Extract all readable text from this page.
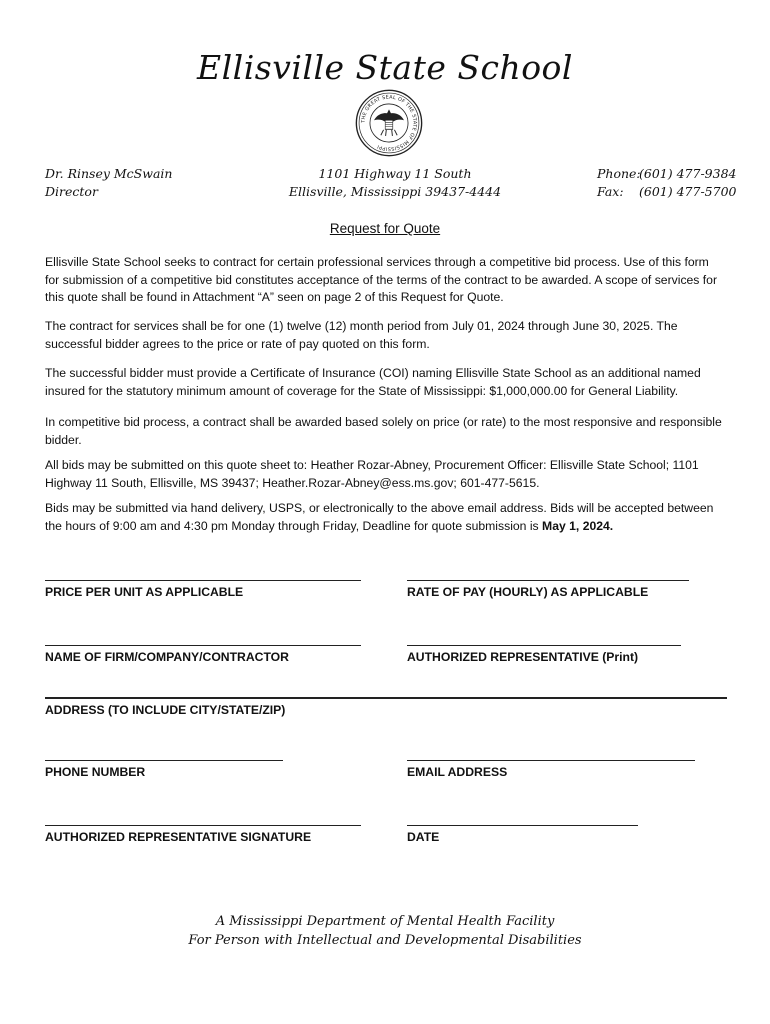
Ellisville State School
THE GREAT SEAL OF THE STATE OF MISSISSIPPI
Dr. Rinsey McSwain
Director
1101 Highway 11 South
Ellisville, Mississippi 39437-4444
Phone:
(601) 477-9384
Fax:	(601) 477-5700
Request for Quote

Ellisville State School seeks to contract for certain professional services through a competitive bid process. Use of this form for submission of a competitive bid constitutes acceptance of the terms of the contract to be awarded. A scope of services for this quote shall be found in Attachment “A” seen on page 2 of this Request for Quote.

The contract for services shall be for one (1) twelve (12) month period from July 01, 2024 through June 30, 2025. The successful bidder agrees to the price or rate of pay quoted on this form.

The successful bidder must provide a Certificate of Insurance (COI) naming Ellisville State School as an additional named insured for the statutory minimum amount of coverage for the State of Mississippi: $1,000,000.00 for General Liability.

In competitive bid process, a contract shall be awarded based solely on price (or rate) to the most responsive and responsible bidder.

All bids may be submitted on this quote sheet to: Heather Rozar-Abney, Procurement Officer: Ellisville State School; 1101 Highway 11 South, Ellisville, MS 39437; Heather.Rozar-Abney@ess.ms.gov; 601-477-5615.

Bids may be submitted via hand delivery, USPS, or electronically to the above email address. Bids will be accepted between the hours of 9:00 am and 4:30 pm Monday through Friday, Deadline for quote submission is May 1, 2024.

PRICE PER UNIT AS APPLICABLE	RATE OF PAY (HOURLY) AS APPLICABLE
NAME OF FIRM/COMPANY/CONTRACTOR	AUTHORIZED REPRESENTATIVE (Print)
ADDRESS (TO INCLUDE CITY/STATE/ZIP)
PHONE NUMBER	EMAIL ADDRESS
AUTHORIZED REPRESENTATIVE SIGNATURE	DATE
A Mississippi Department of Mental Health Facility
For Person with Intellectual and Developmental Disabilities
